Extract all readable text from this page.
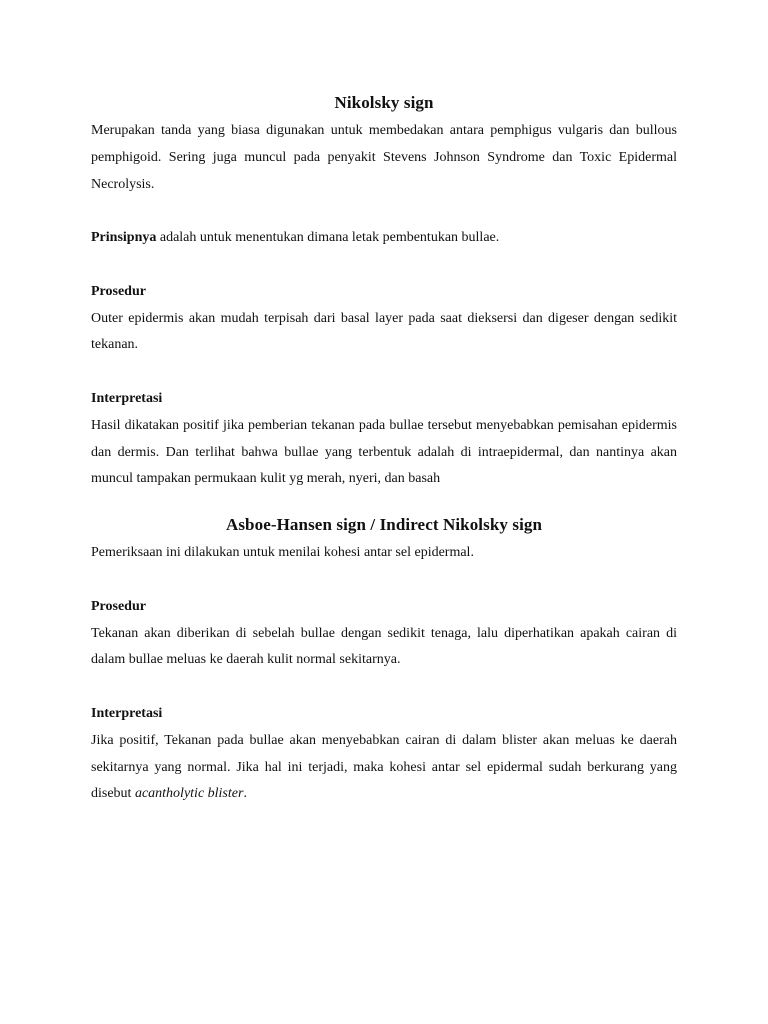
Nikolsky sign

Merupakan tanda yang biasa digunakan untuk membedakan antara pemphigus vulgaris dan bullous pemphigoid. Sering juga muncul pada penyakit Stevens Johnson Syndrome dan Toxic Epidermal Necrolysis.

Prinsipnya adalah untuk menentukan dimana letak pembentukan bullae.

Prosedur

Outer epidermis akan mudah terpisah dari basal layer pada saat dieksersi dan digeser dengan sedikit tekanan.

Interpretasi

Hasil dikatakan positif jika pemberian tekanan pada bullae tersebut menyebabkan pemisahan epidermis dan dermis. Dan terlihat bahwa bullae yang terbentuk adalah di intraepidermal, dan nantinya akan muncul tampakan permukaan kulit yg merah, nyeri, dan basah

Asboe-Hansen sign / Indirect Nikolsky sign

Pemeriksaan ini dilakukan untuk menilai kohesi antar sel epidermal.

Prosedur

Tekanan akan diberikan di sebelah bullae dengan sedikit tenaga, lalu diperhatikan apakah cairan di dalam bullae meluas ke daerah kulit normal sekitarnya.

Interpretasi

Jika positif, Tekanan pada bullae akan menyebabkan cairan di dalam blister akan meluas ke daerah sekitarnya yang normal. Jika hal ini terjadi, maka kohesi antar sel epidermal sudah berkurang yang disebut acantholytic blister.
